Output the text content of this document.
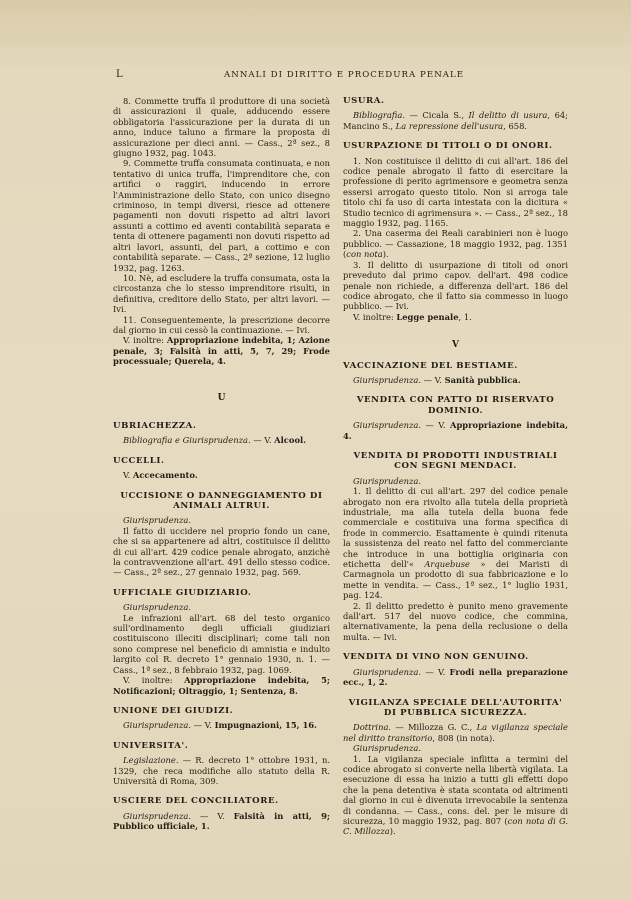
L	ANNALI DI DIRITTO E PROCEDURA PENALE

8. Commette truffa il produttore di una società di assicurazioni il quale, adducendo essere obbligatoria l'assicurazione per la durata di un anno, induce taluno a firmare la proposta di assicurazione per dieci anni. — Cass., 2ª sez., 8 giugno 1932, pag. 1043.

9. Commette truffa consumata continuata, e non tentativo di unica truffa, l'imprenditore che, con artifici o raggiri, inducendo in errore l'Amministrazione dello Stato, con unico disegno criminoso, in tempi diversi, riesce ad ottenere pagamenti non dovuti rispetto ad altri lavori assunti a cottimo ed aventi contabilità separata e tenta di ottenere pagamenti non dovuti rispetto ad altri lavori, assunti, del pari, a cottimo e con contabilità separate. — Cass., 2ª sezione, 12 luglio 1932, pag. 1263.

10. Nè, ad escludere la truffa consumata, osta la circostanza che lo stesso imprenditore risulti, in definitiva, creditore dello Stato, per altri lavori. — Ivi.

11. Conseguentemente, la prescrizione decorre dal giorno in cui cessò la continuazione. — Ivi.

V. inoltre: Appropriazione indebita, 1; Azione penale, 3; Falsità in atti, 5, 7, 29; Frode processuale; Querela, 4.

U

UBRIACHEZZA.

Bibliografia e Giurisprudenza. — V. Alcool.

UCCELLI.

V. Accecamento.

UCCISIONE O DANNEGGIAMENTO DI ANIMALI ALTRUI.

Giurisprudenza.

Il fatto di uccidere nel proprio fondo un cane, che si sa appartenere ad altri, costituisce il delitto di cui all'art. 429 codice penale abrogato, anzichè la contravvenzione all'art. 491 dello stesso codice. — Cass., 2ª sez., 27 gennaio 1932, pag. 569.

UFFICIALE GIUDIZIARIO.

Giurisprudenza.

Le infrazioni all'art. 68 del testo organico sull'ordinamento degli ufficiali giudiziari costituiscono illeciti disciplinari; come tali non sono comprese nel beneficio di amnistia e indulto largito col R. decreto 1° gennaio 1930, n. 1. — Cass., 1ª sez., 8 febbraio 1932, pag. 1069.

V. inoltre: Appropriazione indebita, 5; Notificazioni; Oltraggio, 1; Sentenza, 8.

UNIONE DEI GIUDIZI.

Giurisprudenza. — V. Impugnazioni, 15, 16.

UNIVERSITA'.

Legislazione. — R. decreto 1° ottobre 1931, n. 1329, che reca modifiche allo statuto della R. Università di Roma, 309.

USCIERE DEL CONCILIATORE.

Giurisprudenza. — V. Falsità in atti, 9; Pubblico ufficiale, 1.

USURA.

Bibliografia. — Cicala S., Il delitto di usura, 64; Mancino S., La repressione dell'usura, 658.

USURPAZIONE DI TITOLI O DI ONORI.

1. Non costituisce il delitto di cui all'art. 186 del codice penale abrogato il fatto di esercitare la professione di perito agrimensore e geometra senza essersi arrogato questo titolo. Non si arroga tale titolo chi fa uso di carta intestata con la dicitura « Studio tecnico di agrimensura ». — Cass., 2ª sez., 18 maggio 1932, pag. 1165.

2. Una caserma dei Reali carabinieri non è luogo pubblico. — Cassazione, 18 maggio 1932, pag. 1351 (con nota).

3. Il delitto di usurpazione di titoli od onori preveduto dal primo capov. dell'art. 498 codice penale non richiede, a differenza dell'art. 186 del codice abrogato, che il fatto sia commesso in luogo pubblico. — Ivi.

V. inoltre: Legge penale, 1.

V

VACCINAZIONE DEL BESTIAME.

Giurisprudenza. — V. Sanità pubblica.

VENDITA CON PATTO DI RISERVATO DOMINIO.

Giurisprudenza. — V. Appropriazione indebita, 4.

VENDITA DI PRODOTTI INDUSTRIALI CON SEGNI MENDACI.

Giurisprudenza.

1. Il delitto di cui all'art. 297 del codice penale abrogato non era rivolto alla tutela della proprietà industriale, ma alla tutela della buona fede commerciale e costituiva una forma specifica di frode in commercio. Esattamente è quindi ritenuta la sussistenza del reato nel fatto del commerciante che introduce in una bottiglia originaria con etichetta dell'« Arquebuse » dei Maristi di Carmagnola un prodotto di sua fabbricazione e lo mette in vendita. — Cass., 1ª sez., 1° luglio 1931, pag. 124.

2. Il delitto predetto è punito meno gravemente dall'art. 517 del nuovo codice, che commina, alternativamente, la pena della reclusione o della multa. — Ivi.

VENDITA DI VINO NON GENUINO.

Giurisprudenza. — V. Frodi nella preparazione ecc., 1, 2.

VIGILANZA SPECIALE DELL'AUTORITA' DI PUBBLICA SICUREZZA.

Dottrina. — Millozza G. C., La vigilanza speciale nel diritto transitorio, 808 (in nota).

Giurisprudenza.

1. La vigilanza speciale inflitta a termini del codice abrogato si converte nella libertà vigilata. La esecuzione di essa ha inizio a tutti gli effetti dopo che la pena detentiva è stata scontata od altrimenti dal giorno in cui è divenuta irrevocabile la sentenza di condanna. — Cass., cons. del. per le misure di sicurezza, 10 maggio 1932, pag. 807 (con nota di G. C. Millozza).
